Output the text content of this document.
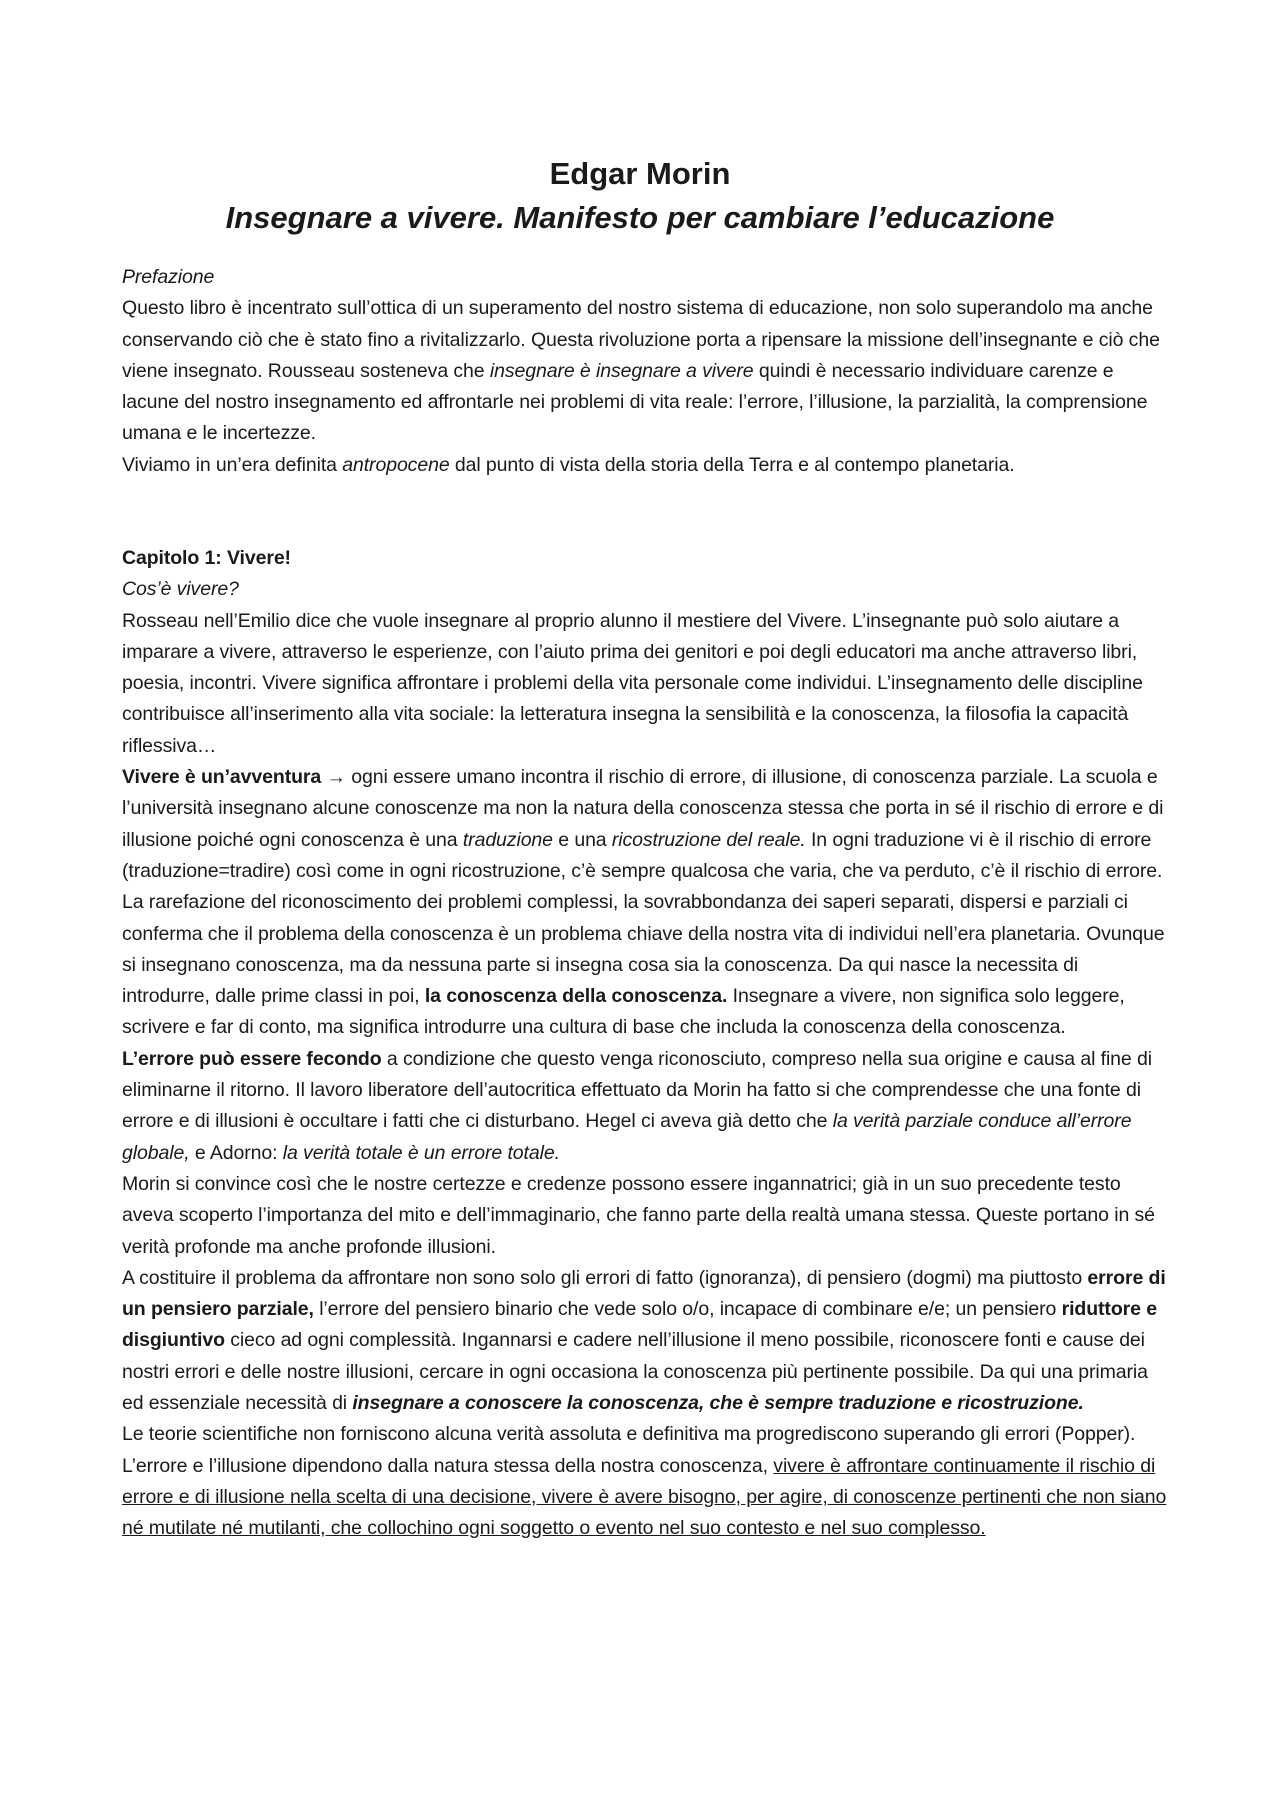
Edgar Morin
Insegnare a vivere. Manifesto per cambiare l’educazione

Prefazione

Questo libro è incentrato sull’ottica di un superamento del nostro sistema di educazione, non solo superandolo ma anche conservando ciò che è stato fino a rivitalizzarlo. Questa rivoluzione porta a ripensare la missione dell’insegnante e ciò che viene insegnato. Rousseau sosteneva che insegnare è insegnare a vivere quindi è necessario individuare carenze e lacune del nostro insegnamento ed affrontarle nei problemi di vita reale: l’errore, l’illusione, la parzialità, la comprensione umana e le incertezze.

Viviamo in un’era definita antropocene dal punto di vista della storia della Terra e al contempo planetaria.

Capitolo 1: Vivere!

Cos’è vivere?

Rosseau nell’Emilio dice che vuole insegnare al proprio alunno il mestiere del Vivere. L’insegnante può solo aiutare a imparare a vivere, attraverso le esperienze, con l’aiuto prima dei genitori e poi degli educatori ma anche attraverso libri, poesia, incontri. Vivere significa affrontare i problemi della vita personale come individui. L’insegnamento delle discipline contribuisce all’inserimento alla vita sociale: la letteratura insegna la sensibilità e la conoscenza, la filosofia la capacità riflessiva…

Vivere è un’avventura → ogni essere umano incontra il rischio di errore, di illusione, di conoscenza parziale. La scuola e l’università insegnano alcune conoscenze ma non la natura della conoscenza stessa che porta in sé il rischio di errore e di illusione poiché ogni conoscenza è una traduzione e una ricostruzione del reale. In ogni traduzione vi è il rischio di errore (traduzione=tradire) così come in ogni ricostruzione, c’è sempre qualcosa che varia, che va perduto, c’è il rischio di errore.

La rarefazione del riconoscimento dei problemi complessi, la sovrabbondanza dei saperi separati, dispersi e parziali ci conferma che il problema della conoscenza è un problema chiave della nostra vita di individui nell’era planetaria. Ovunque si insegnano conoscenza, ma da nessuna parte si insegna cosa sia la conoscenza. Da qui nasce la necessita di introdurre, dalle prime classi in poi, la conoscenza della conoscenza. Insegnare a vivere, non significa solo leggere, scrivere e far di conto, ma significa introdurre una cultura di base che includa la conoscenza della conoscenza.

L’errore può essere fecondo a condizione che questo venga riconosciuto, compreso nella sua origine e causa al fine di eliminarne il ritorno. Il lavoro liberatore dell’autocritica effettuato da Morin ha fatto si che comprendesse che una fonte di errore e di illusioni è occultare i fatti che ci disturbano. Hegel ci aveva già detto che la verità parziale conduce all’errore globale, e Adorno: la verità totale è un errore totale.

Morin si convince così che le nostre certezze e credenze possono essere ingannatrici; già in un suo precedente testo aveva scoperto l’importanza del mito e dell’immaginario, che fanno parte della realtà umana stessa. Queste portano in sé verità profonde ma anche profonde illusioni.

A costituire il problema da affrontare non sono solo gli errori di fatto (ignoranza), di pensiero (dogmi) ma piuttosto errore di un pensiero parziale, l’errore del pensiero binario che vede solo o/o, incapace di combinare e/e; un pensiero riduttore e disgiuntivo cieco ad ogni complessità. Ingannarsi e cadere nell’illusione il meno possibile, riconoscere fonti e cause dei nostri errori e delle nostre illusioni, cercare in ogni occasiona la conoscenza più pertinente possibile. Da qui una primaria ed essenziale necessità di insegnare a conoscere la conoscenza, che è sempre traduzione e ricostruzione.

Le teorie scientifiche non forniscono alcuna verità assoluta e definitiva ma progrediscono superando gli errori (Popper). L’errore e l’illusione dipendono dalla natura stessa della nostra conoscenza, vivere è affrontare continuamente il rischio di errore e di illusione nella scelta di una decisione, vivere è avere bisogno, per agire, di conoscenze pertinenti che non siano né mutilate né mutilanti, che collochino ogni soggetto o evento nel suo contesto e nel suo complesso.
